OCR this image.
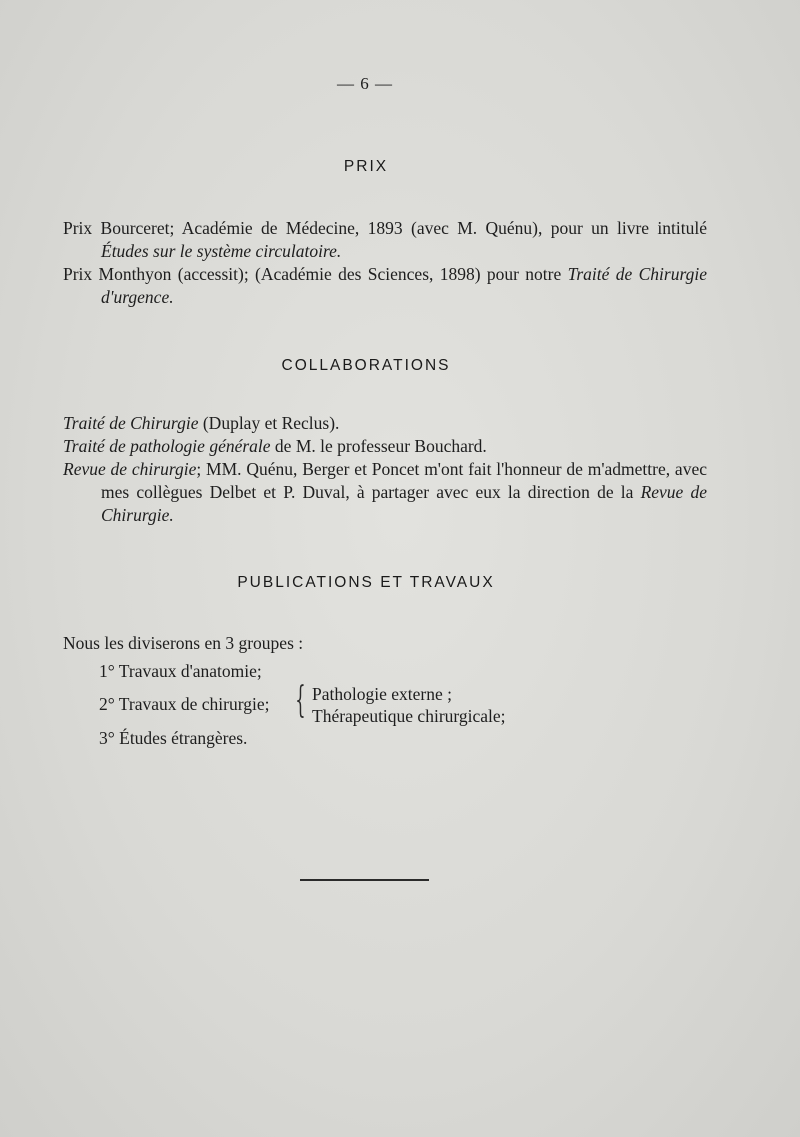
— 6 —
PRIX
Prix Bourceret; Académie de Médecine, 1893 (avec M. Quénu), pour un livre intitulé Études sur le système circulatoire.
Prix Monthyon (accessit); (Académie des Sciences, 1898) pour notre Traité de Chirurgie d'urgence.
COLLABORATIONS
Traité de Chirurgie (Duplay et Reclus).
Traité de pathologie générale de M. le professeur Bouchard.
Revue de chirurgie; MM. Quénu, Berger et Poncet m'ont fait l'honneur de m'admettre, avec mes collègues Delbet et P. Duval, à partager avec eux la direction de la Revue de Chirurgie.
PUBLICATIONS ET TRAVAUX
Nous les diviserons en 3 groupes :
1° Travaux d'anatomie;
2° Travaux de chirurgie; { Pathologie externe ;
Thérapeutique chirurgicale;
3° Études étrangères.
